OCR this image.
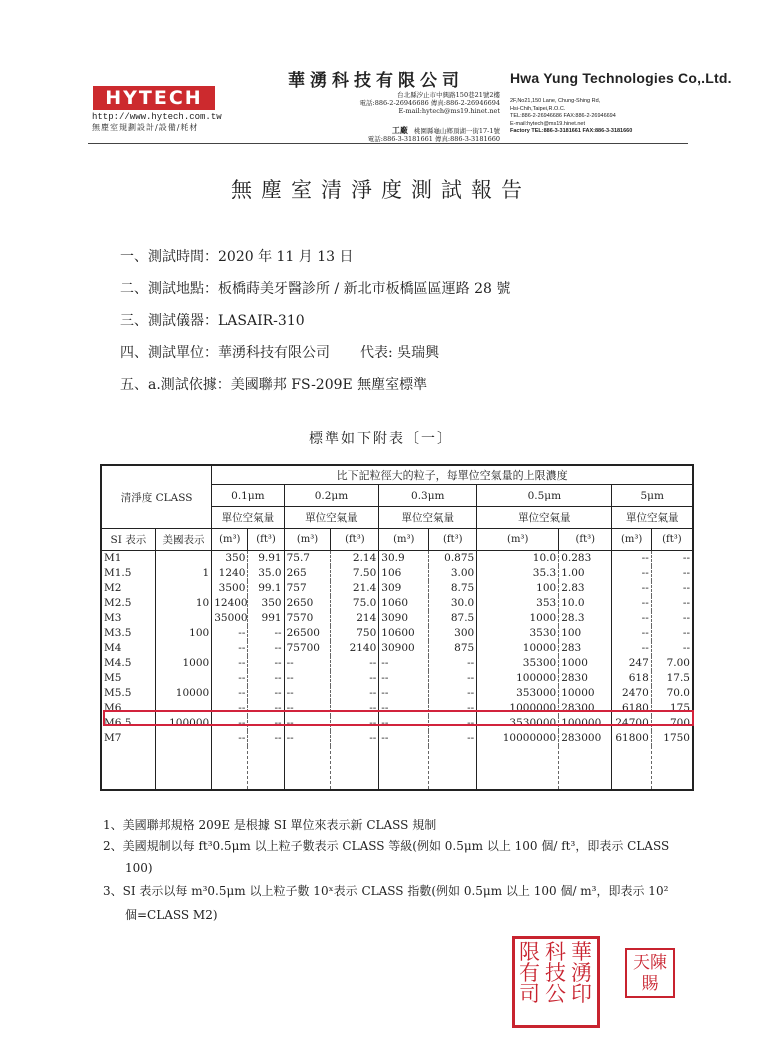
HYTECH
http://www.hytech.com.tw
無塵室規劃設計/設備/耗材
華湧科技有限公司
台北縣汐止市中興路150巷21號2樓
電話:886-2-26946686 傳真:886-2-26946694
E-mail:hytech@ms19.hinet.net
工廠 桃園縣龜山鄉頂湖一街17-1號
電話:886-3-3181661 傳真:886-3-3181660
Hwa Yung Technologies Co,.Ltd.
2F,No21,150 Lane, Chung-Shing Rd,
Hsi-Chih,Taipei,R.O.C.
TEL:886-2-26946686 FAX:886-2-26946694
E-mail:hytech@ms19.hinet.net
Factory TEL:886-3-3181661 FAX:886-3-3181660
無塵室清淨度測試報告
一、測試時間：2020 年 11 月 13 日
二、測試地點：板橋蒔美牙醫診所 / 新北市板橋區區運路 28 號
三、測試儀器：LASAIR-310
四、測試單位：華湧科技有限公司 代表: 吳瑞興
五、a.測試依據：美國聯邦 FS-209E 無塵室標準
標準如下附表〔一〕
清淨度 CLASS		比下記粒徑大的粒子，每單位空氣量的上限濃度									
		0.1μm		0.2μm		0.3μm		0.5μm		5μm	
		單位空氣量		單位空氣量		單位空氣量		單位空氣量		單位空氣量	
SI 表示	美國表示	(m³)	(ft³)	(m³)	(ft³)	(m³)	(ft³)	(m³)	(ft³)	(m³)	(ft³)
M1		350	9.91	75.7	2.14	30.9	0.875	10.0	0.283	--	--
M1.5	1	1240	35.0	265	7.50	106	3.00	35.3	1.00	--	--
M2		3500	99.1	757	21.4	309	8.75	100	2.83	--	--
M2.5	10	12400	350	2650	75.0	1060	30.0	353	10.0	--	--
M3		35000	991	7570	214	3090	87.5	1000	28.3	--	--
M3.5	100	--	--	26500	750	10600	300	3530	100	--	--
M4		--	--	75700	2140	30900	875	10000	283	--	--
M4.5	1000	--	--	--	--	--	--	35300	1000	247	7.00
M5		--	--	--	--	--	--	100000	2830	618	17.5
M5.5	10000	--	--	--	--	--	--	353000	10000	2470	70.0
M6		--	--	--	--	--	--	1000000	28300	6180	175
M6.5	100000	--	--	--	--	--	--	3530000	100000	24700	700
M7		--	--	--	--	--	--	10000000	283000	61800	1750

1、美國聯邦規格 209E 是根據 SI 單位來表示新 CLASS 規制
2、美國規制以每 ft³0.5μm 以上粒子數表示 CLASS 等級(例如 0.5μm 以上 100 個/ ft³，即表示 CLASS
100)
3、SI 表示以每 m³0.5μm 以上粒子數 10ˣ表示 CLASS 指數(例如 0.5μm 以上 100 個/ m³，即表示 10²
個=CLASS M2)
限 科 華
有 技 湧
司 公 印

天陳
賜
